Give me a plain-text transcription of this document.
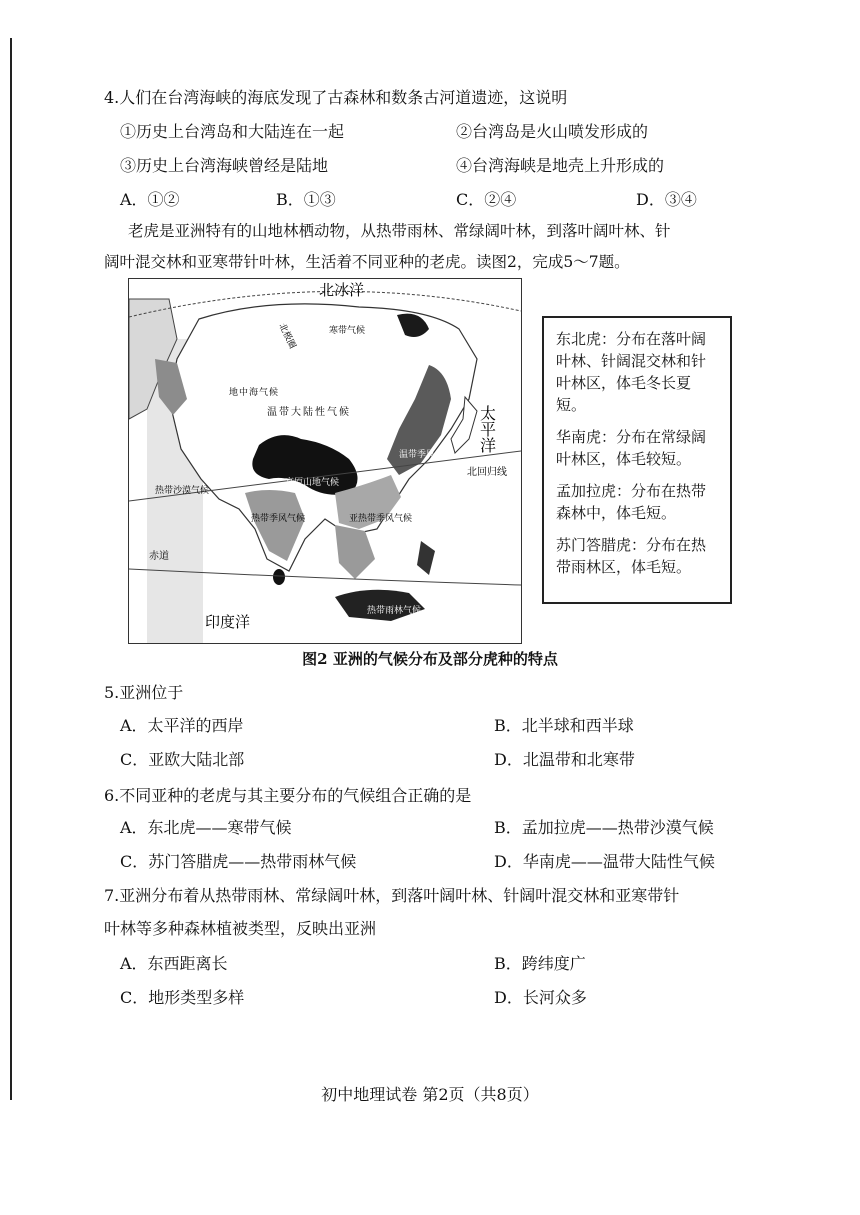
4.人们在台湾海峡的海底发现了古森林和数条古河道遗迹，这说明
①历史上台湾岛和大陆连在一起	②台湾岛是火山喷发形成的
③历史上台湾海峡曾经是陆地	④台湾海峡是地壳上升形成的
A．①②	B．①③	C．②④	D．③④
老虎是亚洲特有的山地林栖动物，从热带雨林、常绿阔叶林，到落叶阔叶林、针
阔叶混交林和亚寒带针叶林，生活着不同亚种的老虎。读图2，完成5～7题。
北冰洋
北极圈	寒带气候
温带大陆性气候
地中海气候
太平洋
温带季风气候
热带沙漠气候
高原山地气候
北回归线
热带季风气候	亚热带季风气候
赤道
热带雨林气候
印度洋

东北虎：分布在落叶阔叶林、针阔混交林和针叶林区，体毛冬长夏短。

华南虎：分布在常绿阔叶林区，体毛较短。

孟加拉虎：分布在热带森林中，体毛短。

苏门答腊虎：分布在热带雨林区，体毛短。

图2 亚洲的气候分布及部分虎种的特点
5.亚洲位于
A．太平洋的西岸	B．北半球和西半球
C．亚欧大陆北部	D．北温带和北寒带
6.不同亚种的老虎与其主要分布的气候组合正确的是
A．东北虎——寒带气候	B．孟加拉虎——热带沙漠气候
C．苏门答腊虎——热带雨林气候	D．华南虎——温带大陆性气候
7.亚洲分布着从热带雨林、常绿阔叶林，到落叶阔叶林、针阔叶混交林和亚寒带针
叶林等多种森林植被类型，反映出亚洲
A．东西距离长	B．跨纬度广
C．地形类型多样	D．长河众多
初中地理试卷 第2页（共8页）
